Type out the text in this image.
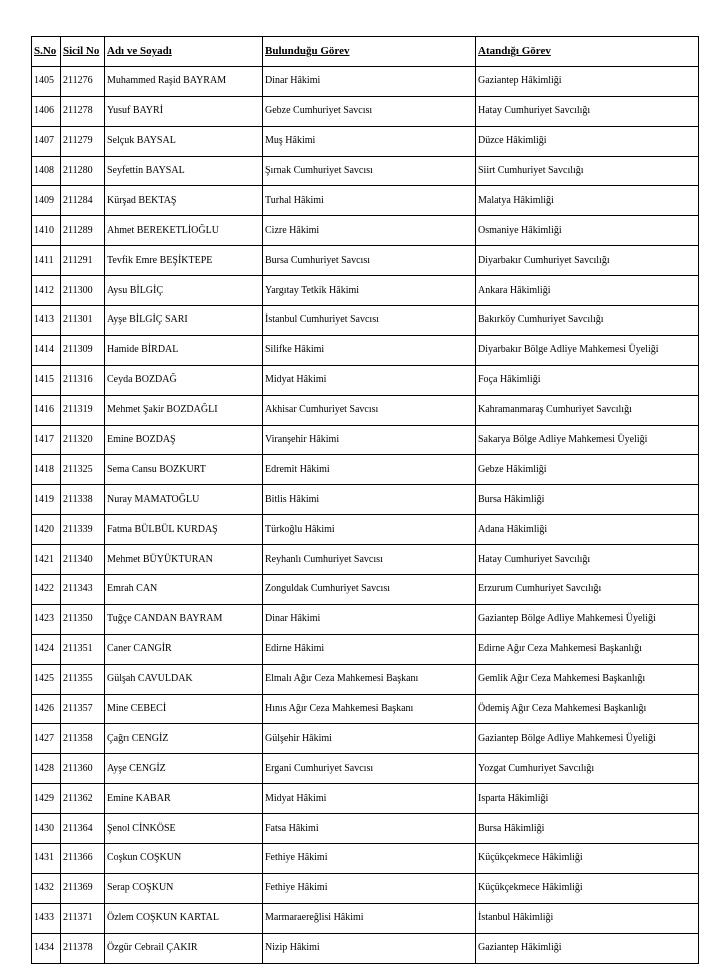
S.No	Sicil No	Adı ve Soyadı	Bulunduğu Görev	Atandığı Görev
1405	211276	Muhammed Raşid BAYRAM	Dinar Hâkimi	Gaziantep Hâkimliği
1406	211278	Yusuf BAYRİ	Gebze Cumhuriyet Savcısı	Hatay Cumhuriyet Savcılığı
1407	211279	Selçuk BAYSAL	Muş Hâkimi	Düzce Hâkimliği
1408	211280	Seyfettin BAYSAL	Şırnak Cumhuriyet Savcısı	Siirt Cumhuriyet Savcılığı
1409	211284	Kürşad BEKTAŞ	Turhal Hâkimi	Malatya Hâkimliği
1410	211289	Ahmet BEREKETLİOĞLU	Cizre Hâkimi	Osmaniye Hâkimliği
1411	211291	Tevfik Emre BEŞİKTEPE	Bursa Cumhuriyet Savcısı	Diyarbakır Cumhuriyet Savcılığı
1412	211300	Aysu BİLGİÇ	Yargıtay Tetkik Hâkimi	Ankara Hâkimliği
1413	211301	Ayşe BİLGİÇ SARI	İstanbul Cumhuriyet Savcısı	Bakırköy Cumhuriyet Savcılığı
1414	211309	Hamide BİRDAL	Silifke Hâkimi	Diyarbakır Bölge Adliye Mahkemesi Üyeliği
1415	211316	Ceyda BOZDAĞ	Midyat Hâkimi	Foça Hâkimliği
1416	211319	Mehmet Şakir BOZDAĞLI	Akhisar Cumhuriyet Savcısı	Kahramanmaraş Cumhuriyet Savcılığı
1417	211320	Emine BOZDAŞ	Viranşehir Hâkimi	Sakarya Bölge Adliye Mahkemesi Üyeliği
1418	211325	Sema Cansu BOZKURT	Edremit Hâkimi	Gebze Hâkimliği
1419	211338	Nuray MAMATOĞLU	Bitlis Hâkimi	Bursa Hâkimliği
1420	211339	Fatma BÜLBÜL KURDAŞ	Türkoğlu Hâkimi	Adana Hâkimliği
1421	211340	Mehmet BÜYÜKTURAN	Reyhanlı Cumhuriyet Savcısı	Hatay Cumhuriyet Savcılığı
1422	211343	Emrah CAN	Zonguldak Cumhuriyet Savcısı	Erzurum Cumhuriyet Savcılığı
1423	211350	Tuğçe CANDAN BAYRAM	Dinar Hâkimi	Gaziantep Bölge Adliye Mahkemesi Üyeliği
1424	211351	Caner CANGİR	Edirne Hâkimi	Edirne Ağır Ceza Mahkemesi Başkanlığı
1425	211355	Gülşah CAVULDAK	Elmalı Ağır Ceza Mahkemesi Başkanı	Gemlik Ağır Ceza Mahkemesi Başkanlığı
1426	211357	Mine CEBECİ	Hınıs Ağır Ceza Mahkemesi Başkanı	Ödemiş Ağır Ceza Mahkemesi Başkanlığı
1427	211358	Çağrı CENGİZ	Gülşehir Hâkimi	Gaziantep Bölge Adliye Mahkemesi Üyeliği
1428	211360	Ayşe CENGİZ	Ergani Cumhuriyet Savcısı	Yozgat Cumhuriyet Savcılığı
1429	211362	Emine KABAR	Midyat Hâkimi	Isparta Hâkimliği
1430	211364	Şenol CİNKÖSE	Fatsa Hâkimi	Bursa Hâkimliği
1431	211366	Coşkun COŞKUN	Fethiye Hâkimi	Küçükçekmece Hâkimliği
1432	211369	Serap COŞKUN	Fethiye Hâkimi	Küçükçekmece Hâkimliği
1433	211371	Özlem COŞKUN KARTAL	Marmaraereğlisi Hâkimi	İstanbul Hâkimliği
1434	211378	Özgür Cebrail ÇAKIR	Nizip Hâkimi	Gaziantep Hâkimliği
